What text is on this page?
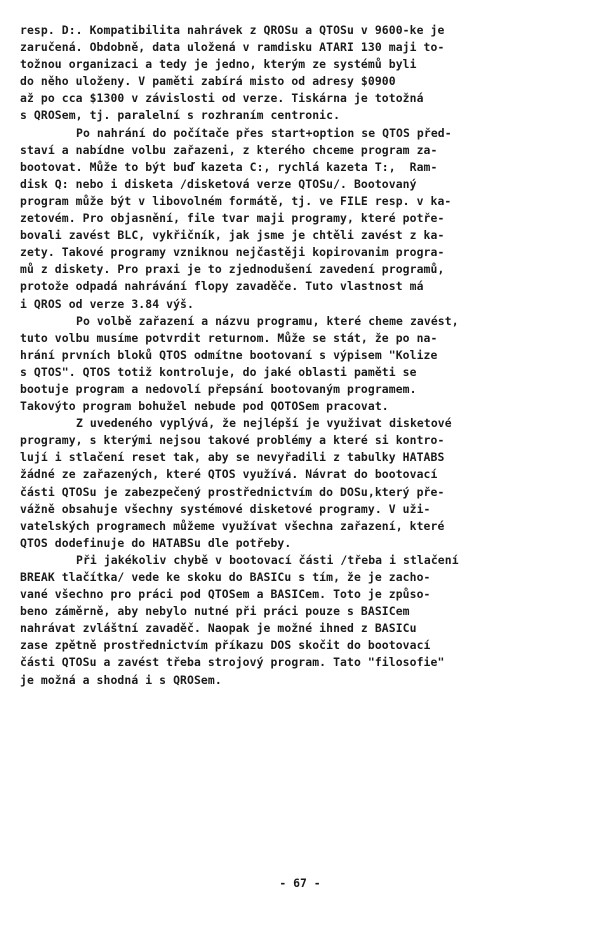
resp. D:. Kompatibilita nahrávek z QROSu a QTOSu v 9600-ke je
zaručená. Obdobně, data uložená v ramdisku ATARI 130 maji to-
tožnou organizaci a tedy je jedno, kterým ze systémů byli
do něho uloženy. V paměti zabírá misto od adresy $0900
až po cca $1300 v závislosti od verze. Tiskárna je totožná
s QROSem, tj. paralelní s rozhraním centronic.
Po nahrání do počítače přes start+option se QTOS před-
staví a nabídne volbu zařazeni, z kterého chceme program za-
bootovat. Může to být buď kazeta C:, rychlá kazeta T:,  Ram-
disk Q: nebo i disketa /disketová verze QTOSu/. Bootovaný
program může být v libovolném formátě, tj. ve FILE resp. v ka-
zetovém. Pro objasnění, file tvar maji programy, které potře-
bovali zavést BLC, vykřičník, jak jsme je chtěli zavést z ka-
zety. Takové programy vzniknou nejčastěji kopirovanim progra-
mů z diskety. Pro praxi je to zjednodušení zavedení programů,
protože odpadá nahrávání flopy zavaděče. Tuto vlastnost má
i QROS od verze 3.84 výš.
Po volbě zařazení a názvu programu, které cheme zavést,
tuto volbu musíme potvrdit returnom. Může se stát, že po na-
hrání prvních bloků QTOS odmítne bootovaní s výpisem "Kolize
s QTOS". QTOS totiž kontroluje, do jaké oblasti paměti se
bootuje program a nedovolí přepsání bootovaným programem.
Takovýto program bohužel nebude pod QOTOSem pracovat.
Z uvedeného vyplývá, že nejlépší je využivat disketové
programy, s kterými nejsou takové problémy a které si kontro-
lují i stlačení reset tak, aby se nevyřadili z tabulky HATABS
žádné ze zařazených, které QTOS využívá. Návrat do bootovací
části QTOSu je zabezpečený prostřednictvím do DOSu,který pře-
vážně obsahuje všechny systémové disketové programy. V uži-
vatelských programech můžeme využívat všechna zařazení, které
QTOS dodefinuje do HATABSu dle potřeby.
Při jakékoliv chybě v bootovací části /třeba i stlačení
BREAK tlačítka/ vede ke skoku do BASICu s tím, že je zacho-
vané všechno pro práci pod QTOSem a BASICem. Toto je způso-
beno záměrně, aby nebylo nutné při práci pouze s BASICem
nahrávat zvláštní zavaděč. Naopak je možné ihned z BASICu
zase zpětně prostřednictvím příkazu DOS skočit do bootovací
části QTOSu a zavést třeba strojový program. Tato "filosofie"
je možná a shodná i s QROSem.
- 67 -
